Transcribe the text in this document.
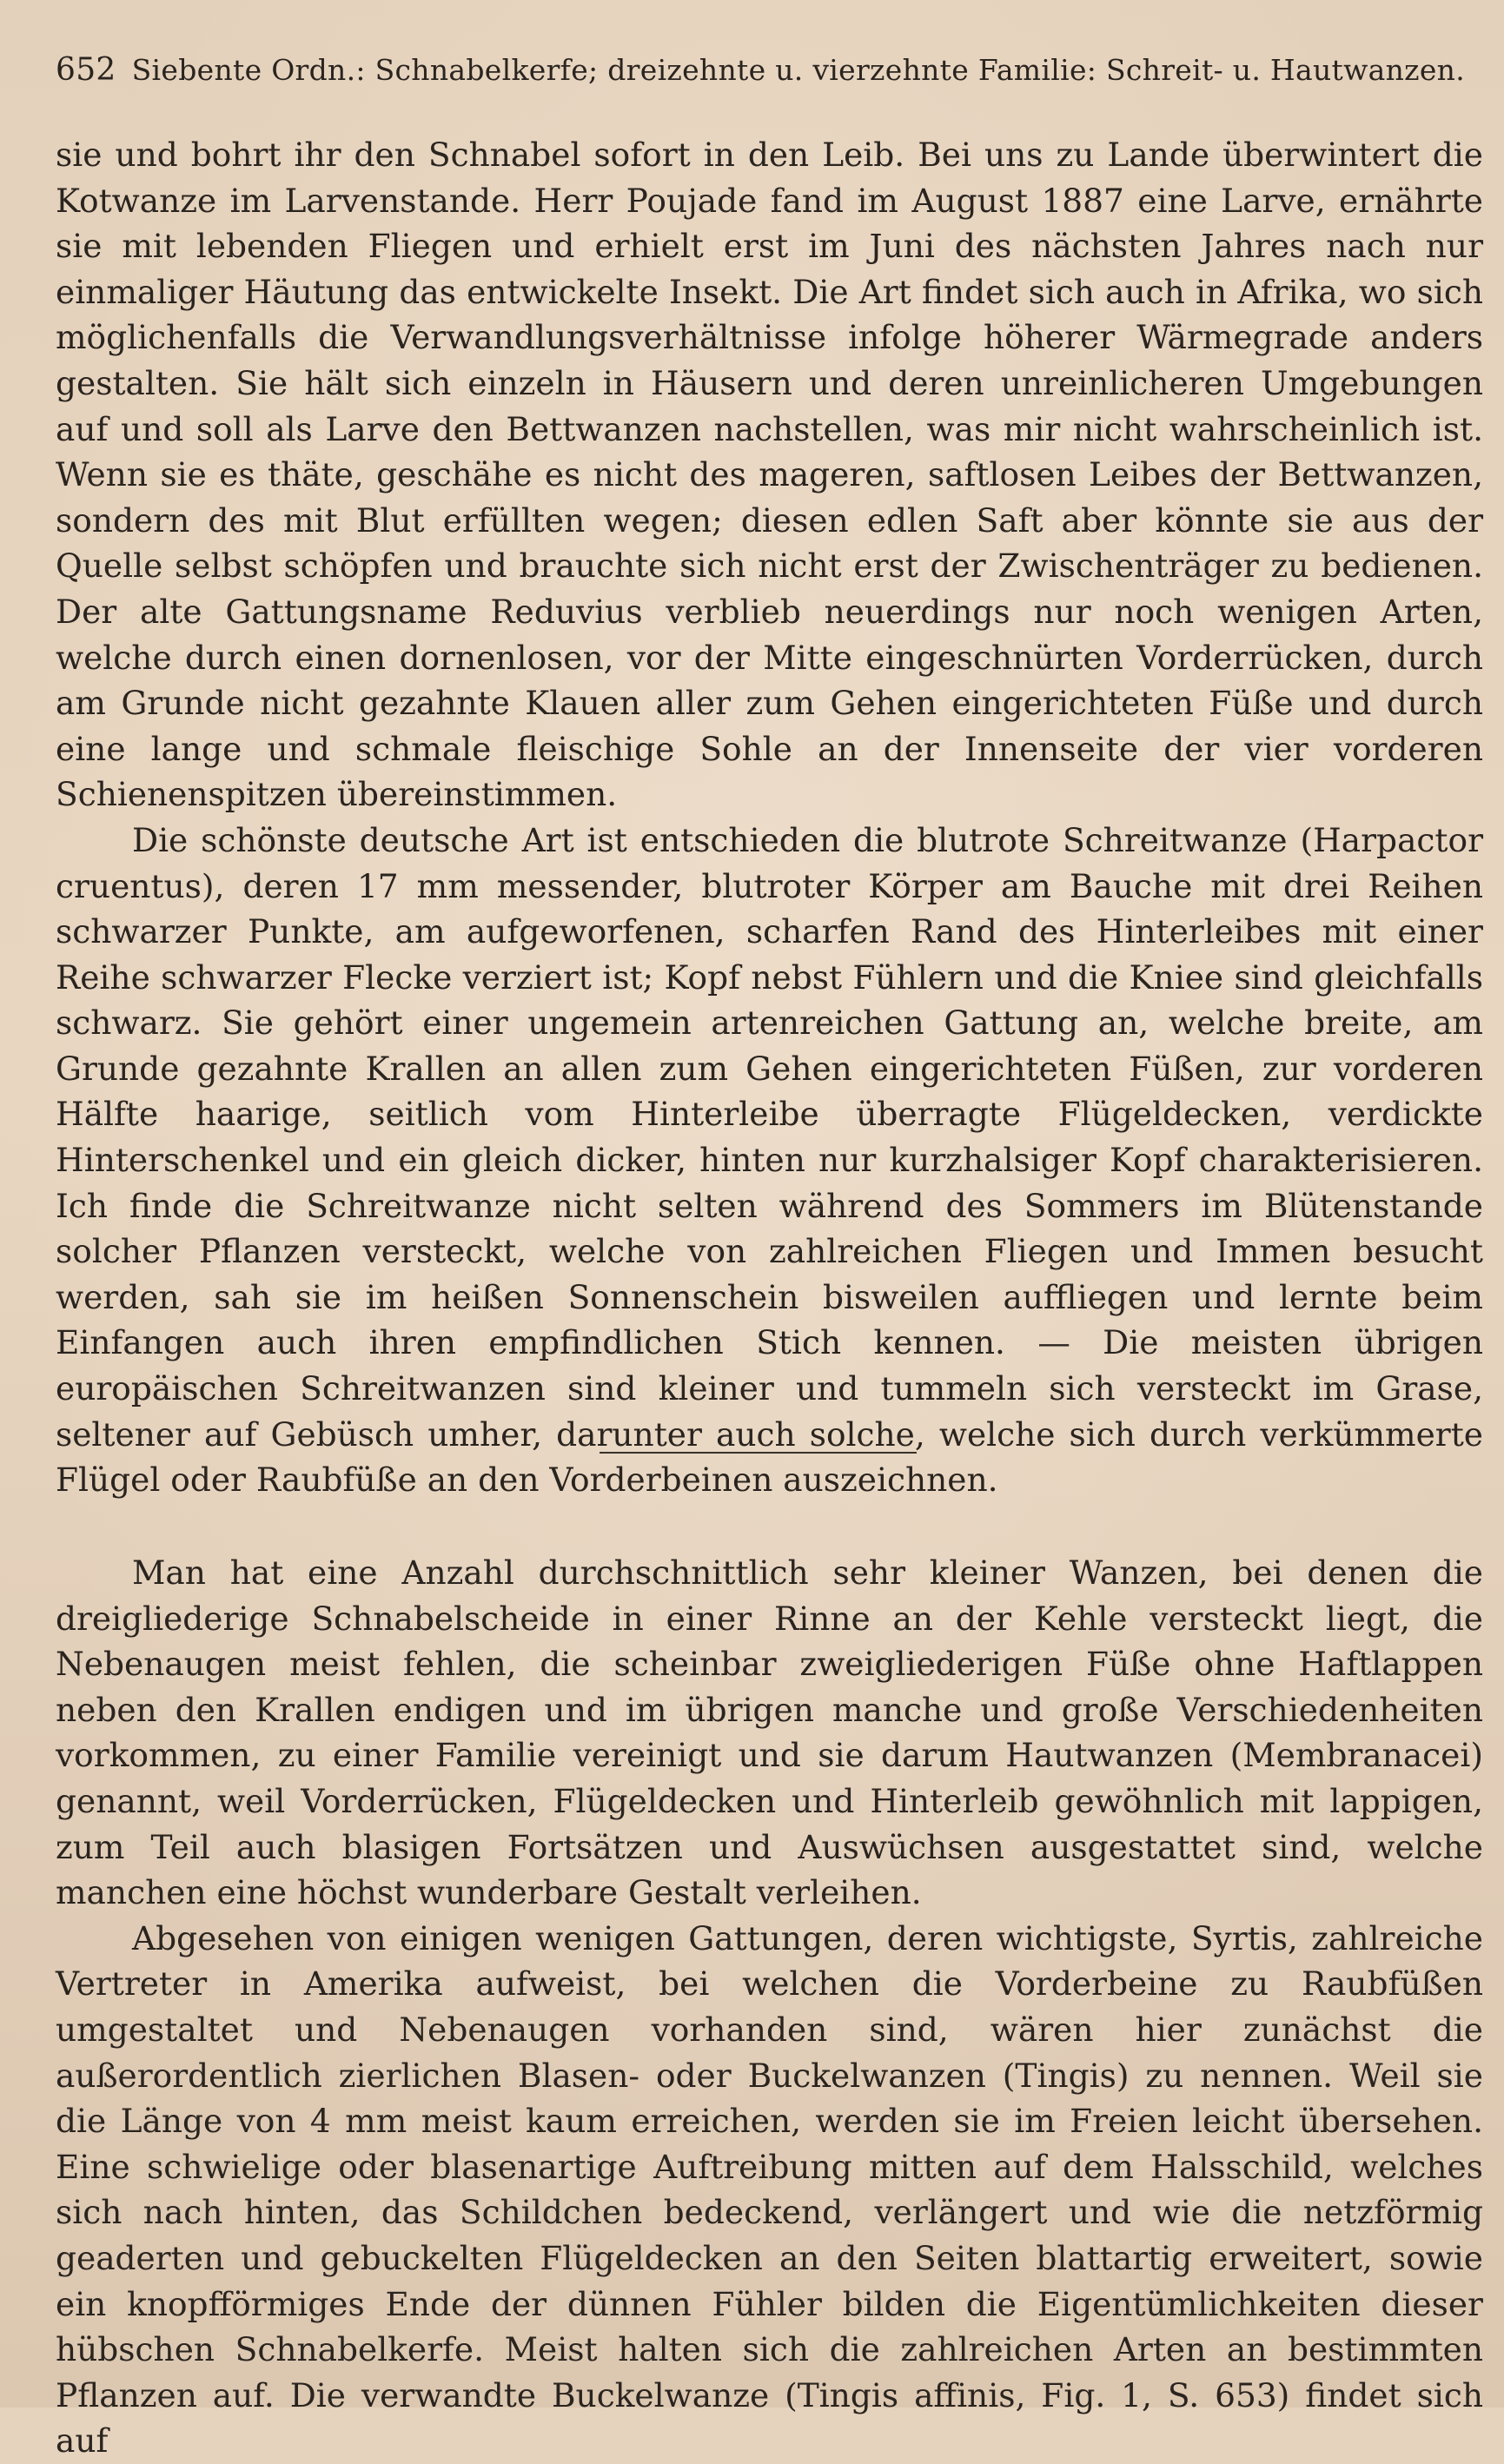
652 Siebente Ordn.: Schnabelkerfe; dreizehnte u. vierzehnte Familie: Schreit- u. Hautwanzen.

sie und bohrt ihr den Schnabel sofort in den Leib. Bei uns zu Lande überwintert die Kotwanze im Larvenstande. Herr Poujade fand im August 1887 eine Larve, ernährte sie mit lebenden Fliegen und erhielt erst im Juni des nächsten Jahres nach nur einmaliger Häutung das entwickelte Insekt. Die Art findet sich auch in Afrika, wo sich möglichenfalls die Verwandlungsverhältnisse infolge höherer Wärmegrade anders gestalten. Sie hält sich einzeln in Häusern und deren unreinlicheren Umgebungen auf und soll als Larve den Bettwanzen nachstellen, was mir nicht wahrscheinlich ist. Wenn sie es thäte, geschähe es nicht des mageren, saftlosen Leibes der Bettwanzen, sondern des mit Blut erfüllten wegen; diesen edlen Saft aber könnte sie aus der Quelle selbst schöpfen und brauchte sich nicht erst der Zwischenträger zu bedienen. Der alte Gattungsname Reduvius verblieb neuerdings nur noch wenigen Arten, welche durch einen dornenlosen, vor der Mitte eingeschnürten Vorderrücken, durch am Grunde nicht gezahnte Klauen aller zum Gehen eingerichteten Füße und durch eine lange und schmale fleischige Sohle an der Innenseite der vier vorderen Schienenspitzen übereinstimmen.

Die schönste deutsche Art ist entschieden die blutrote Schreitwanze (Harpactor cruentus), deren 17 mm messender, blutroter Körper am Bauche mit drei Reihen schwarzer Punkte, am aufgeworfenen, scharfen Rand des Hinterleibes mit einer Reihe schwarzer Flecke verziert ist; Kopf nebst Fühlern und die Kniee sind gleichfalls schwarz. Sie gehört einer ungemein artenreichen Gattung an, welche breite, am Grunde gezahnte Krallen an allen zum Gehen eingerichteten Füßen, zur vorderen Hälfte haarige, seitlich vom Hinterleibe überragte Flügeldecken, verdickte Hinterschenkel und ein gleich dicker, hinten nur kurzhalsiger Kopf charakterisieren. Ich finde die Schreitwanze nicht selten während des Sommers im Blütenstande solcher Pflanzen versteckt, welche von zahlreichen Fliegen und Immen besucht werden, sah sie im heißen Sonnenschein bisweilen auffliegen und lernte beim Einfangen auch ihren empfindlichen Stich kennen. — Die meisten übrigen europäischen Schreitwanzen sind kleiner und tummeln sich versteckt im Grase, seltener auf Gebüsch umher, darunter auch solche, welche sich durch verkümmerte Flügel oder Raubfüße an den Vorderbeinen auszeichnen.

Man hat eine Anzahl durchschnittlich sehr kleiner Wanzen, bei denen die dreigliederige Schnabelscheide in einer Rinne an der Kehle versteckt liegt, die Nebenaugen meist fehlen, die scheinbar zweigliederigen Füße ohne Haftlappen neben den Krallen endigen und im übrigen manche und große Verschiedenheiten vorkommen, zu einer Familie vereinigt und sie darum Hautwanzen (Membranacei) genannt, weil Vorderrücken, Flügeldecken und Hinterleib gewöhnlich mit lappigen, zum Teil auch blasigen Fortsätzen und Auswüchsen ausgestattet sind, welche manchen eine höchst wunderbare Gestalt verleihen.

Abgesehen von einigen wenigen Gattungen, deren wichtigste, Syrtis, zahlreiche Vertreter in Amerika aufweist, bei welchen die Vorderbeine zu Raubfüßen umgestaltet und Nebenaugen vorhanden sind, wären hier zunächst die außerordentlich zierlichen Blasen- oder Buckelwanzen (Tingis) zu nennen. Weil sie die Länge von 4 mm meist kaum erreichen, werden sie im Freien leicht übersehen. Eine schwielige oder blasenartige Auftreibung mitten auf dem Halsschild, welches sich nach hinten, das Schildchen bedeckend, verlängert und wie die netzförmig geaderten und gebuckelten Flügeldecken an den Seiten blattartig erweitert, sowie ein knopfförmiges Ende der dünnen Fühler bilden die Eigentümlichkeiten dieser hübschen Schnabelkerfe. Meist halten sich die zahlreichen Arten an bestimmten Pflanzen auf. Die verwandte Buckelwanze (Tingis affinis, Fig. 1, S. 653) findet sich auf
